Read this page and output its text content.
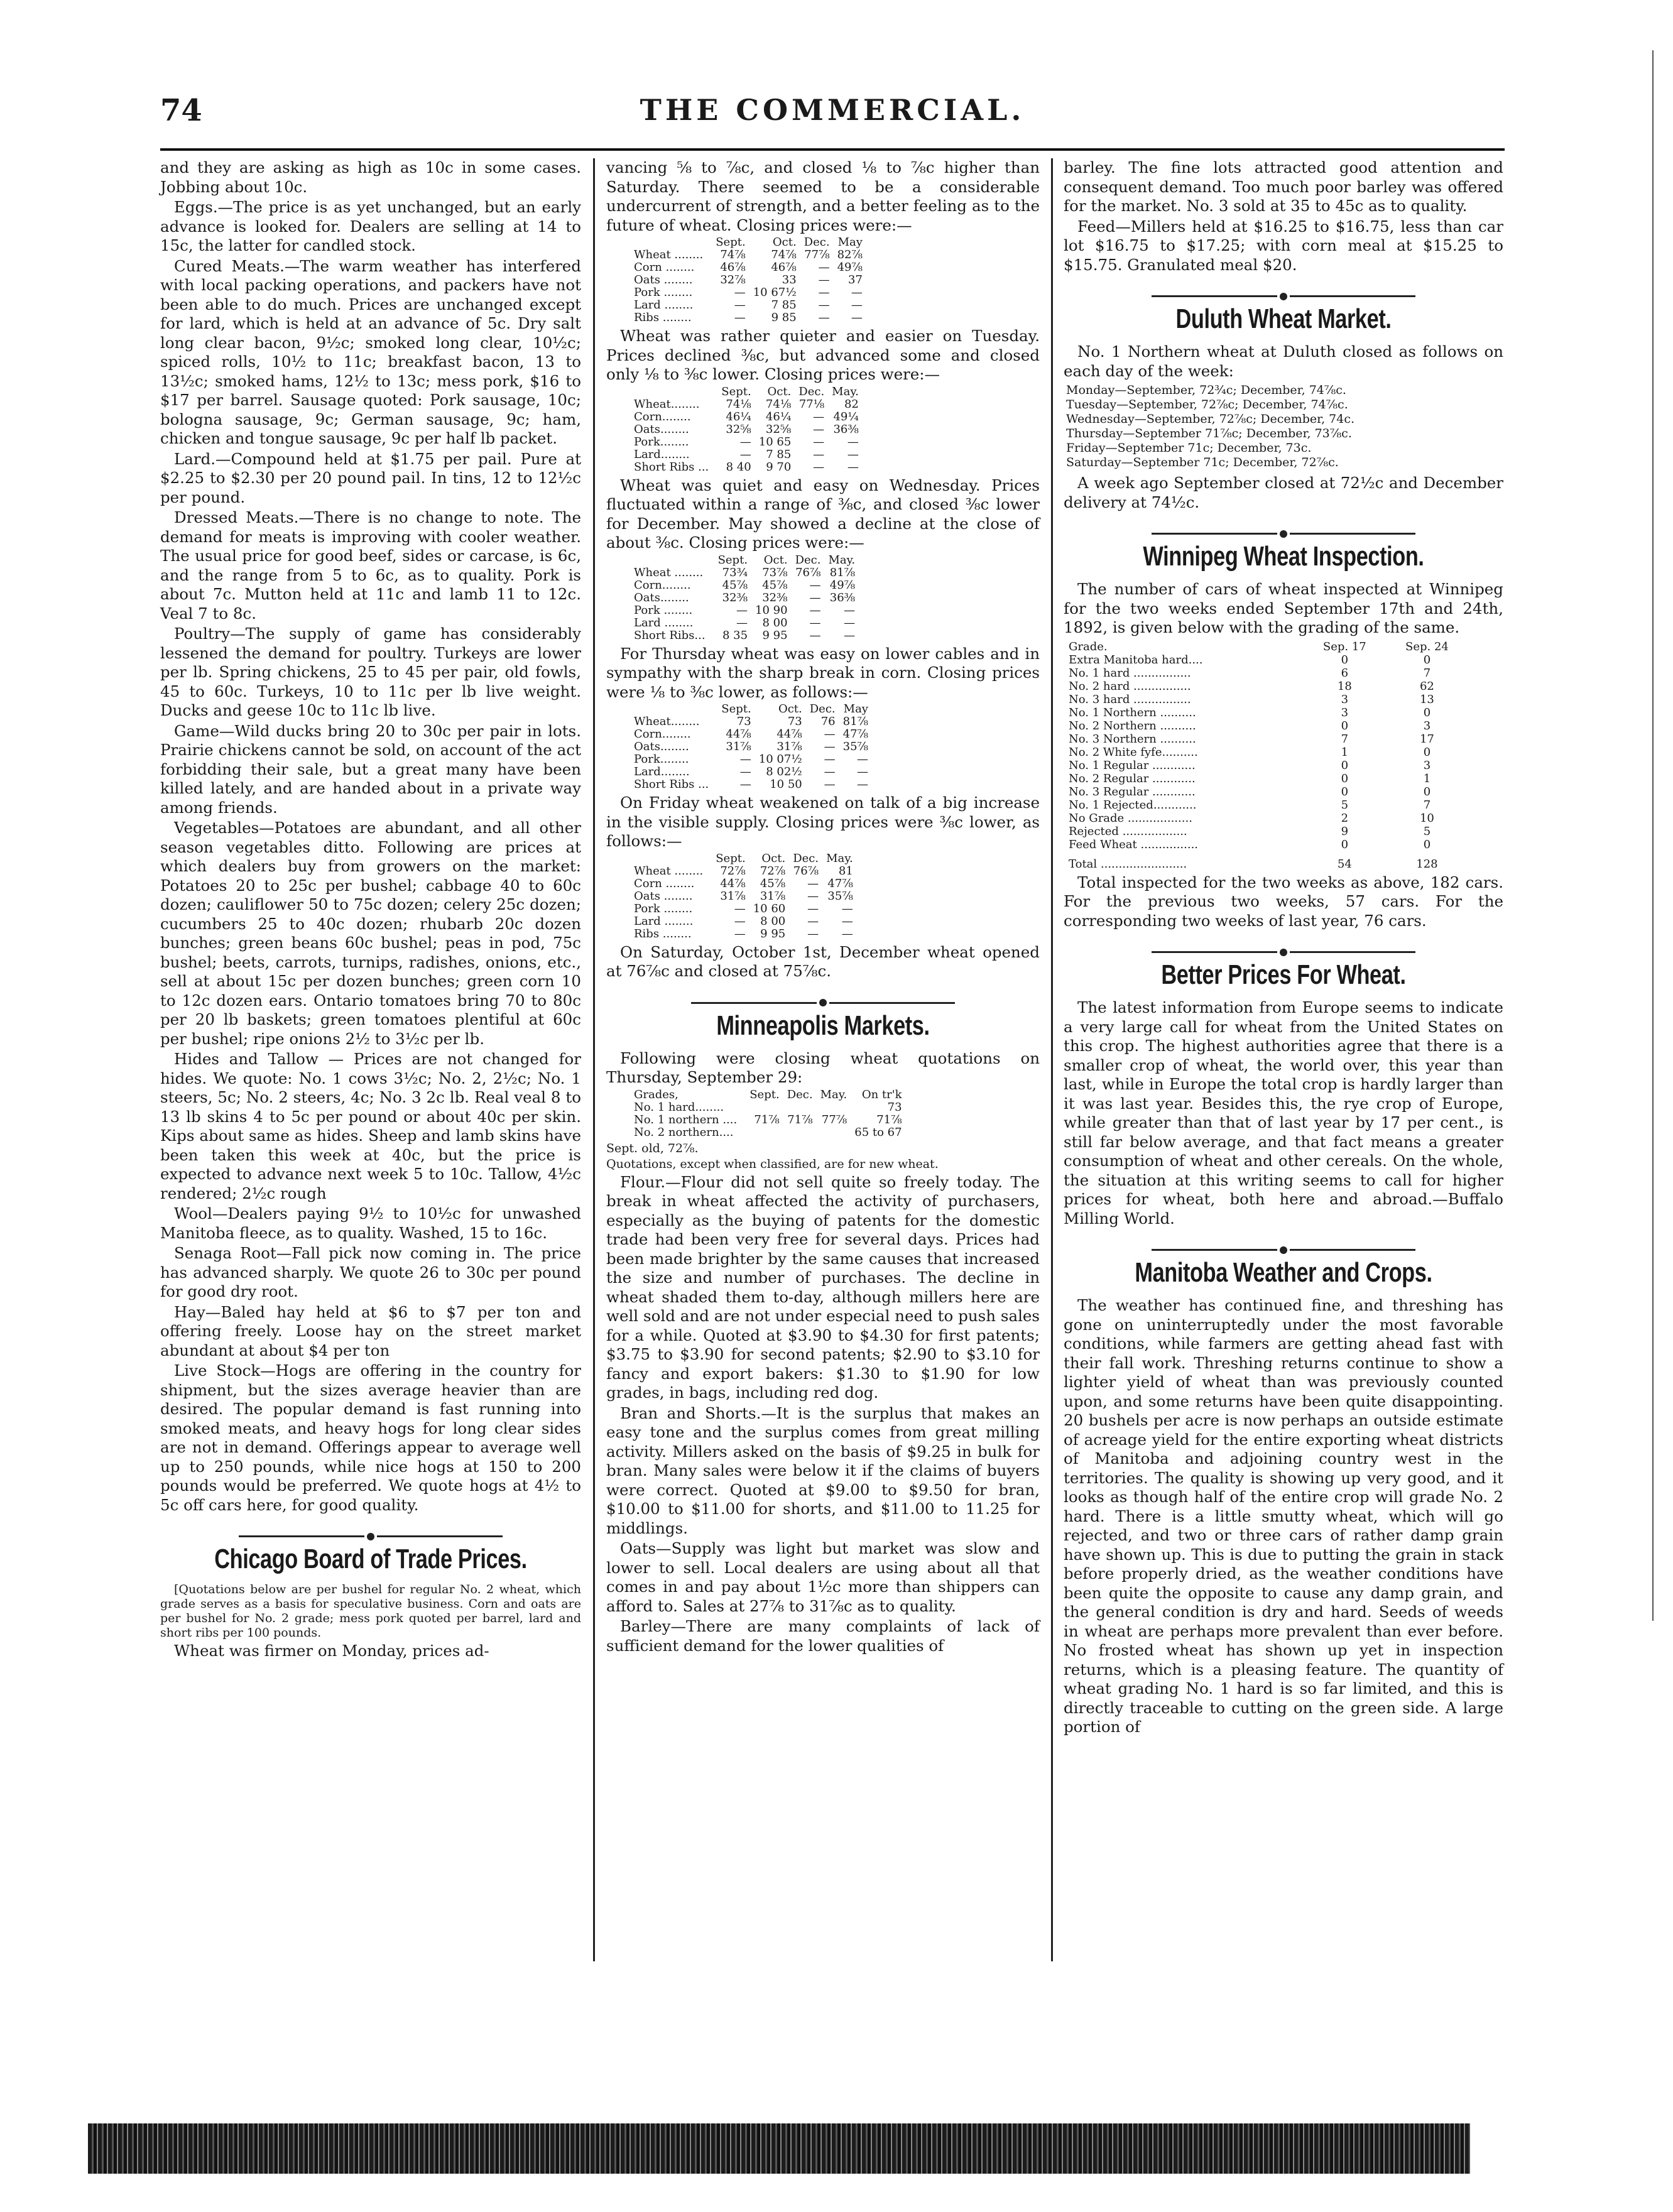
THE COMMERCIAL.
74

and they are asking as high as 10c in some cases. Jobbing about 10c.

Eggs.—The price is as yet unchanged, but an early advance is looked for. Dealers are selling at 14 to 15c, the latter for candled stock.

Cured Meats.—The warm weather has interfered with local packing operations, and packers have not been able to do much. Prices are unchanged except for lard, which is held at an advance of 5c. Dry salt long clear bacon, 9½c; smoked long clear, 10½c; spiced rolls, 10½ to 11c; breakfast bacon, 13 to 13½c; smoked hams, 12½ to 13c; mess pork, $16 to $17 per barrel. Sausage quoted: Pork sausage, 10c; bologna sausage, 9c; German sausage, 9c; ham, chicken and tongue sausage, 9c per half lb packet.

Lard.—Compound held at $1.75 per pail. Pure at $2.25 to $2.30 per 20 pound pail. In tins, 12 to 12½c per pound.

Dressed Meats.—There is no change to note. The demand for meats is improving with cooler weather. The usual price for good beef, sides or carcase, is 6c, and the range from 5 to 6c, as to quality. Pork is about 7c. Mutton held at 11c and lamb 11 to 12c. Veal 7 to 8c.

Poultry—The supply of game has considerably lessened the demand for poultry. Turkeys are lower per lb. Spring chickens, 25 to 45 per pair, old fowls, 45 to 60c. Turkeys, 10 to 11c per lb live weight. Ducks and geese 10c to 11c lb live.

Game—Wild ducks bring 20 to 30c per pair in lots. Prairie chickens cannot be sold, on account of the act forbidding their sale, but a great many have been killed lately, and are handed about in a private way among friends.

Vegetables—Potatoes are abundant, and all other season vegetables ditto. Following are prices at which dealers buy from growers on the market: Potatoes 20 to 25c per bushel; cabbage 40 to 60c dozen; cauliflower 50 to 75c dozen; celery 25c dozen; cucumbers 25 to 40c dozen; rhubarb 20c dozen bunches; green beans 60c bushel; peas in pod, 75c bushel; beets, carrots, turnips, radishes, onions, etc., sell at about 15c per dozen bunches; green corn 10 to 12c dozen ears. Ontario tomatoes bring 70 to 80c per 20 lb baskets; green tomatoes plentiful at 60c per bushel; ripe onions 2½ to 3½c per lb.

Hides and Tallow — Prices are not changed for hides. We quote: No. 1 cows 3½c; No. 2, 2½c; No. 1 steers, 5c; No. 2 steers, 4c; No. 3 2c lb. Real veal 8 to 13 lb skins 4 to 5c per pound or about 40c per skin. Kips about same as hides. Sheep and lamb skins have been taken this week at 40c, but the price is expected to advance next week 5 to 10c. Tallow, 4½c rendered; 2½c rough

Wool—Dealers paying 9½ to 10½c for unwashed Manitoba fleece, as to quality. Washed, 15 to 16c.

Senaga Root—Fall pick now coming in. The price has advanced sharply. We quote 26 to 30c per pound for good dry root.

Hay—Baled hay held at $6 to $7 per ton and offering freely. Loose hay on the street market abundant at about $4 per ton

Live Stock—Hogs are offering in the country for shipment, but the sizes average heavier than are desired. The popular demand is fast running into smoked meats, and heavy hogs for long clear sides are not in demand. Offerings appear to average well up to 250 pounds, while nice hogs at 150 to 200 pounds would be preferred. We quote hogs at 4½ to 5c off cars here, for good quality.

Chicago Board of Trade Prices.

[Quotations below are per bushel for regular No. 2 wheat, which grade serves as a basis for speculative business. Corn and oats are per bushel for No. 2 grade; mess pork quoted per barrel, lard and short ribs per 100 pounds.

Wheat was firmer on Monday, prices ad-

vancing ⅝ to ⅞c, and closed ⅛ to ⅞c higher than Saturday. There seemed to be a considerable undercurrent of strength, and a better feeling as to the future of wheat. Closing prices were:—

	Sept.	Oct.	Dec.	May
Wheat ........	74⅞	74⅞	77⅞	82⅞
Corn ........	46⅞	46⅞	—	49⅞
Oats ........	32⅞	33	—	37
Pork ........	—	10 67½	—	—
Lard ........	—	7 85	—	—
Ribs ........	—	9 85	—	—

Wheat was rather quieter and easier on Tuesday. Prices declined ⅜c, but advanced some and closed only ⅛ to ⅜c lower. Closing prices were:—

	Sept.	Oct.	Dec.	May.
Wheat........	74⅛	74⅛	77⅛	82
Corn........	46¼	46¼	—	49¼
Oats........	32⅝	32⅝	—	36⅜
Pork........	—	10 65	—	—
Lard........	—	7 85	—	—
Short Ribs ...	8 40	9 70	—	—

Wheat was quiet and easy on Wednesday. Prices fluctuated within a range of ⅜c, and closed ⅜c lower for December. May showed a decline at the close of about ⅜c. Closing prices were:—

	Sept.	Oct.	Dec.	May.
Wheat ........	73¾	73⅞	76⅞	81⅞
Corn........	45⅞	45⅞	—	49⅞
Oats........	32⅜	32⅜	—	36⅜
Pork ........	—	10 90	—	—
Lard ........	—	8 00	—	—
Short Ribs...	8 35	9 95	—	—

For Thursday wheat was easy on lower cables and in sympathy with the sharp break in corn. Closing prices were ⅛ to ⅜c lower, as follows:—

	Sept.	Oct.	Dec.	May
Wheat........	73	73	76	81⅞
Corn........	44⅞	44⅞	—	47⅞
Oats........	31⅞	31⅞	—	35⅞
Pork........	—	10 07½	—	—
Lard........	—	8 02½	—	—
Short Ribs ...	—	10 50	—	—

On Friday wheat weakened on talk of a big increase in the visible supply. Closing prices were ⅜c lower, as follows:—

	Sept.	Oct.	Dec.	May.
Wheat ........	72⅞	72⅞	76⅞	81
Corn ........	44⅞	45⅞	—	47⅞
Oats ........	31⅞	31⅞	—	35⅞
Pork ........	—	10 60	—	—
Lard ........	—	8 00	—	—
Ribs ........	—	9 95	—	—

On Saturday, October 1st, December wheat opened at 76⅞c and closed at 75⅞c.

Minneapolis Markets.

Following were closing wheat quotations on Thursday, September 29:

Grades,	Sept.	Dec.	May.	On tr'k
No. 1 hard........				73
No. 1 northern ....	71⅞	71⅞	77⅞	71⅞
No. 2 northern....				65 to 67

Sept. old, 72⅞.

Quotations, except when classified, are for new wheat.

Flour.—Flour did not sell quite so freely today. The break in wheat affected the activity of purchasers, especially as the buying of patents for the domestic trade had been very free for several days. Prices had been made brighter by the same causes that increased the size and number of purchases. The decline in wheat shaded them to-day, although millers here are well sold and are not under especial need to push sales for a while. Quoted at $3.90 to $4.30 for first patents; $3.75 to $3.90 for second patents; $2.90 to $3.10 for fancy and export bakers: $1.30 to $1.90 for low grades, in bags, including red dog.

Bran and Shorts.—It is the surplus that makes an easy tone and the surplus comes from great milling activity. Millers asked on the basis of $9.25 in bulk for bran. Many sales were below it if the claims of buyers were correct. Quoted at $9.00 to $9.50 for bran, $10.00 to $11.00 for shorts, and $11.00 to 11.25 for middlings.

Oats—Supply was light but market was slow and lower to sell. Local dealers are using about all that comes in and pay about 1½c more than shippers can afford to. Sales at 27⅞ to 31⅞c as to quality.

Barley—There are many complaints of lack of sufficient demand for the lower qualities of

barley. The fine lots attracted good attention and consequent demand. Too much poor barley was offered for the market. No. 3 sold at 35 to 45c as to quality.

Feed—Millers held at $16.25 to $16.75, less than car lot $16.75 to $17.25; with corn meal at $15.25 to $15.75. Granulated meal $20.

Duluth Wheat Market.

No. 1 Northern wheat at Duluth closed as follows on each day of the week:

Monday—September, 72¾c; December, 74⅞c.
Tuesday—September, 72⅞c; December, 74⅞c.
Wednesday—September, 72⅞c; December, 74c.
Thursday—September 71⅞c; December, 73⅞c.
Friday—September 71c; December, 73c.
Saturday—September 71c; December, 72⅞c.

A week ago September closed at 72½c and December delivery at 74½c.

Winnipeg Wheat Inspection.

The number of cars of wheat inspected at Winnipeg for the two weeks ended September 17th and 24th, 1892, is given below with the grading of the same.

Grade.	Sep. 17	Sep. 24
Extra Manitoba hard....	0	0
No. 1 hard ................	6	7
No. 2 hard ................	18	62
No. 3 hard ................	3	13
No. 1 Northern ..........	3	0
No. 2 Northern ..........	0	3
No. 3 Northern ..........	7	17
No. 2 White fyfe..........	1	0
No. 1 Regular ............	0	3
No. 2 Regular ............	0	1
No. 3 Regular ............	0	0
No. 1 Rejected............	5	7
No Grade ..................	2	10
Rejected ..................	9	5
Feed Wheat ................	0	0
Total ........................	54	128

Total inspected for the two weeks as above, 182 cars. For the previous two weeks, 57 cars. For the corresponding two weeks of last year, 76 cars.

Better Prices For Wheat.

The latest information from Europe seems to indicate a very large call for wheat from the United States on this crop. The highest authorities agree that there is a smaller crop of wheat, the world over, this year than last, while in Europe the total crop is hardly larger than it was last year. Besides this, the rye crop of Europe, while greater than that of last year by 17 per cent., is still far below average, and that fact means a greater consumption of wheat and other cereals. On the whole, the situation at this writing seems to call for higher prices for wheat, both here and abroad.—Buffalo Milling World.

Manitoba Weather and Crops.

The weather has continued fine, and threshing has gone on uninterruptedly under the most favorable conditions, while farmers are getting ahead fast with their fall work. Threshing returns continue to show a lighter yield of wheat than was previously counted upon, and some returns have been quite disappointing. 20 bushels per acre is now perhaps an outside estimate of acreage yield for the entire exporting wheat districts of Manitoba and adjoining country west in the territories. The quality is showing up very good, and it looks as though half of the entire crop will grade No. 2 hard. There is a little smutty wheat, which will go rejected, and two or three cars of rather damp grain have shown up. This is due to putting the grain in stack before properly dried, as the weather conditions have been quite the opposite to cause any damp grain, and the general condition is dry and hard. Seeds of weeds in wheat are perhaps more prevalent than ever before. No frosted wheat has shown up yet in inspection returns, which is a pleasing feature. The quantity of wheat grading No. 1 hard is so far limited, and this is directly traceable to cutting on the green side. A large portion of
